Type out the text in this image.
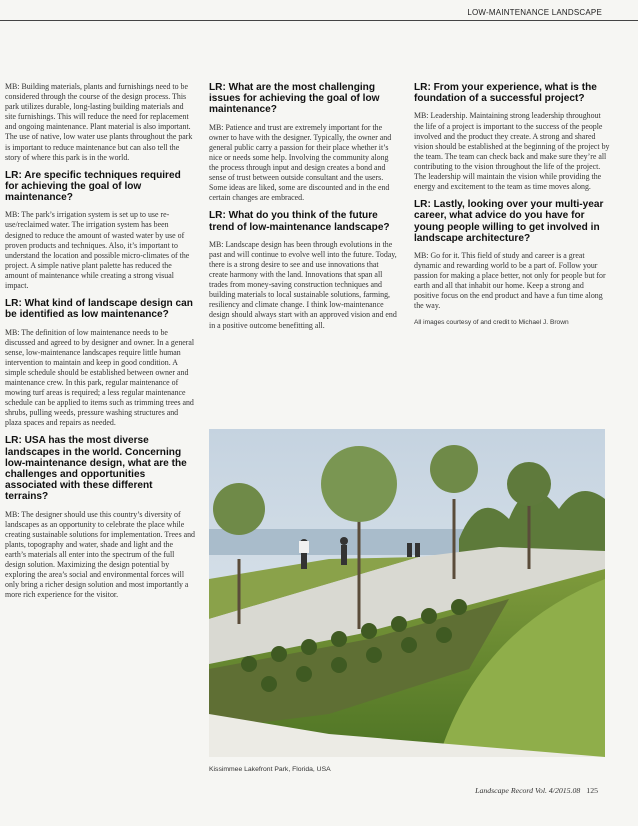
LOW-MAINTENANCE LANDSCAPE

MB: Building materials, plants and furnishings need to be considered through the course of the design process. This park utilizes durable, long-lasting building materials and site furnishings. This will reduce the need for replacement and ongoing maintenance. Plant material is also important. The use of native, low water use plants throughout the park is important to reduce maintenance but can also tell the story of where this park is in the world.

LR: Are specific techniques required for achieving the goal of low maintenance?

MB: The park’s irrigation system is set up to use re-use/reclaimed water. The irrigation system has been designed to reduce the amount of wasted water by use of proven products and techniques. Also, it’s important to understand the location and possible micro-climates of the project. A simple native plant palette has reduced the amount of maintenance while creating a strong visual impact.

LR: What kind of landscape design can be identified as low maintenance?

MB: The definition of low maintenance needs to be discussed and agreed to by designer and owner. In a general sense, low-maintenance landscapes require little human intervention to maintain and keep in good condition. A simple schedule should be established between owner and maintenance crew. In this park, regular maintenance of mowing turf areas is required; a less regular maintenance schedule can be applied to items such as trimming trees and shrubs, pulling weeds, pressure washing structures and plaza spaces and repairs as needed.

LR: USA has the most diverse landscapes in the world. Concerning low-maintenance design, what are the challenges and opportunities associated with these different terrains?

MB: The designer should use this country’s diversity of landscapes as an opportunity to celebrate the place while creating sustainable solutions for implementation. Trees and plants, topography and water, shade and light and the earth’s materials all enter into the spectrum of the full design solution. Maximizing the design potential by exploring the area’s social and environmental forces will only bring a richer design solution and most importantly a more rich experience for the visitor.

LR: What are the most challenging issues for achieving the goal of low maintenance?

MB: Patience and trust are extremely important for the owner to have with the designer. Typically, the owner and general public carry a passion for their place whether it’s nice or needs some help. Involving the community along the process through input and design creates a bond and sense of trust between outside consultant and the users. Some ideas are liked, some are discounted and in the end certain changes are embraced.

LR: What do you think of the future trend of low-maintenance landscape?

MB: Landscape design has been through evolutions in the past and will continue to evolve well into the future. Today, there is a strong desire to see and use innovations that create harmony with the land. Innovations that span all trades from money-saving construction techniques and building materials to local sustainable solutions, farming, resiliency and climate change. I think low-maintenance design should always start with an approved vision and end in a positive outcome benefitting all.

LR: From your experience, what is the foundation of a successful project?

MB: Leadership. Maintaining strong leadership throughout the life of a project is important to the success of the people involved and the product they create. A strong and shared vision should be established at the beginning of the project by the team. The team can check back and make sure they’re all contributing to the vision throughout the life of the project. The leadership will maintain the vision while providing the energy and excitement to the team as time moves along.

LR: Lastly, looking over your multi-year career, what advice do you have for young people willing to get involved in landscape architecture?

MB: Go for it. This field of study and career is a great dynamic and rewarding world to be a part of. Follow your passion for making a place better, not only for people but for earth and all that inhabit our home. Keep a strong and positive focus on the end product and have a fun time along the way.

All images courtesy of and credit to Michael J. Brown
Kissimmee Lakefront Park, Florida, USA
Landscape Record Vol. 4/2015.08 125
